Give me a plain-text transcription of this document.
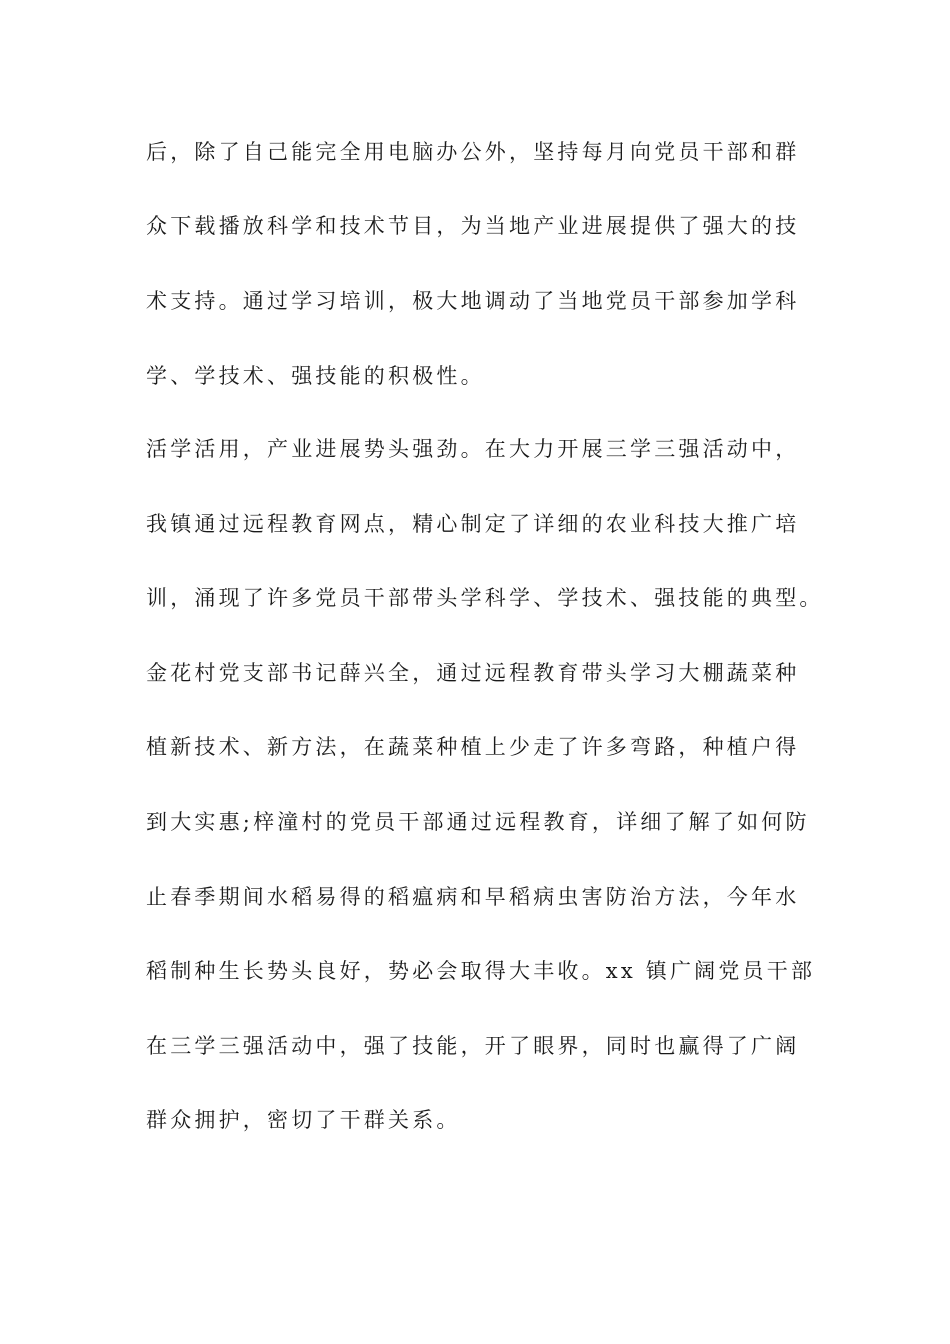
后，除了自己能完全用电脑办公外，坚持每月向党员干部和群
众下载播放科学和技术节目，为当地产业进展提供了强大的技
术支持。通过学习培训，极大地调动了当地党员干部参加学科
学、学技术、强技能的积极性。
活学活用，产业进展势头强劲。在大力开展三学三强活动中，
我镇通过远程教育网点，精心制定了详细的农业科技大推广培
训，涌现了许多党员干部带头学科学、学技术、强技能的典型。
金花村党支部书记薛兴全，通过远程教育带头学习大棚蔬菜种
植新技术、新方法，在蔬菜种植上少走了许多弯路，种植户得
到大实惠;梓潼村的党员干部通过远程教育，详细了解了如何防
止春季期间水稻易得的稻瘟病和早稻病虫害防治方法，今年水
稻制种生长势头良好，势必会取得大丰收。xx 镇广阔党员干部
在三学三强活动中，强了技能，开了眼界，同时也赢得了广阔
群众拥护，密切了干群关系。
